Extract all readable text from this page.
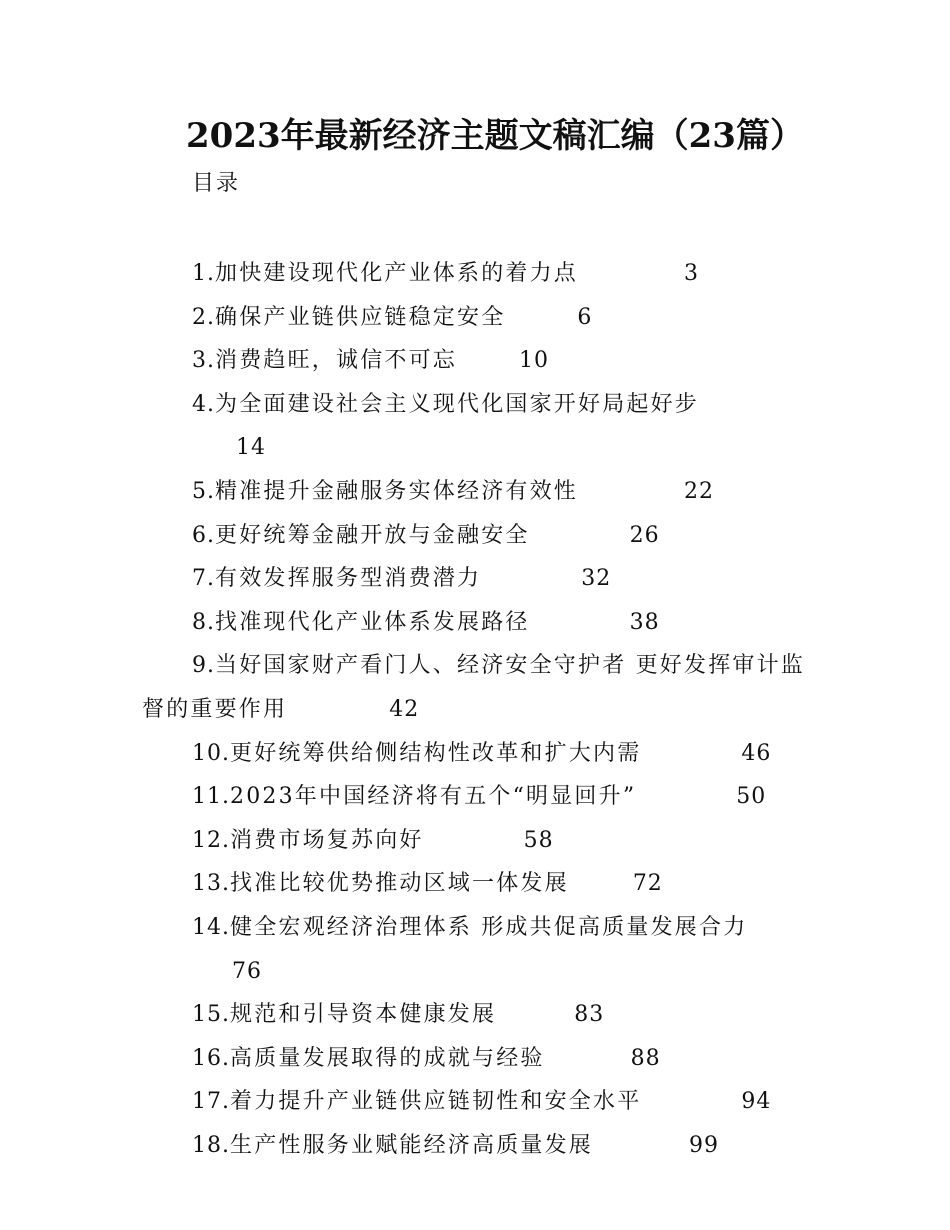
2023年最新经济主题文稿汇编（23篇）
目录
1.加快建设现代化产业体系的着力点	3
2.确保产业链供应链稳定安全	6
3.消费趋旺，诚信不可忘	10
4.为全面建设社会主义现代化国家开好局起好步14
5.精准提升金融服务实体经济有效性	22
6.更好统筹金融开放与金融安全	26
7.有效发挥服务型消费潜力	32
8.找准现代化产业体系发展路径	38
9.当好国家财产看门人、经济安全守护者 更好发挥审计监督的重要作用	42
10.更好统筹供给侧结构性改革和扩大内需	46
11.2023年中国经济将有五个“明显回升”	50
12.消费市场复苏向好	58
13.找准比较优势推动区域一体发展	72
14.健全宏观经济治理体系 形成共促高质量发展合力76
15.规范和引导资本健康发展	83
16.高质量发展取得的成就与经验	88
17.着力提升产业链供应链韧性和安全水平	94
18.生产性服务业赋能经济高质量发展	99
